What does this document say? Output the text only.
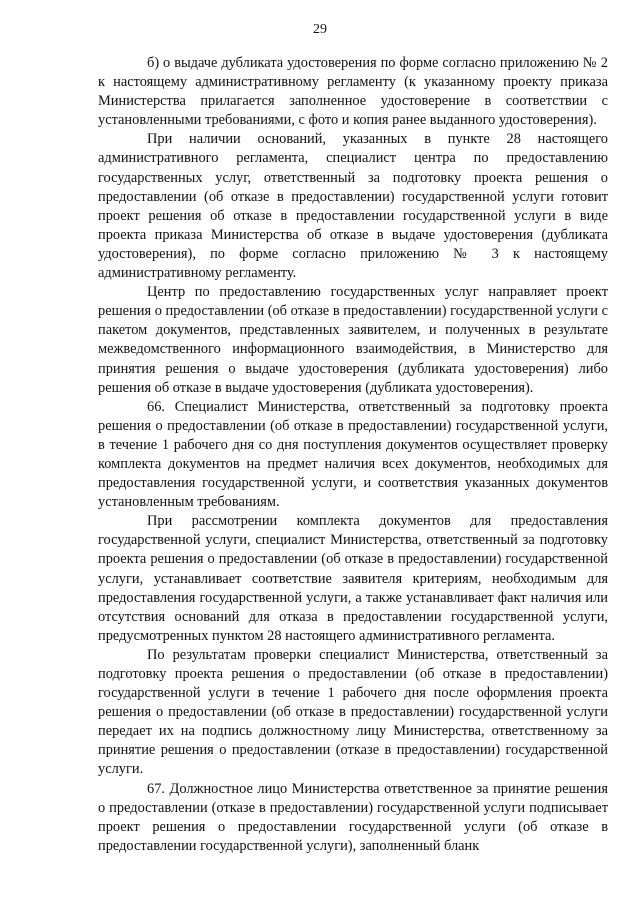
29

б) о выдаче дубликата удостоверения по форме согласно приложению № 2 к настоящему административному регламенту (к указанному проекту приказа Министерства прилагается заполненное удостоверение в соответствии с установленными требованиями, с фото и копия ранее выданного удостоверения).

При наличии оснований, указанных в пункте 28 настоящего административного регламента, специалист центра по предоставлению государственных услуг, ответственный за подготовку проекта решения о предоставлении (об отказе в предоставлении) государственной услуги готовит проект решения об отказе в предоставлении государственной услуги в виде проекта приказа Министерства об отказе в выдаче удостоверения (дубликата удостоверения), по форме согласно приложению № 3 к настоящему административному регламенту.

Центр по предоставлению государственных услуг направляет проект решения о предоставлении (об отказе в предоставлении) государственной услуги с пакетом документов, представленных заявителем, и полученных в результате межведомственного информационного взаимодействия, в Министерство для принятия решения о выдаче удостоверения (дубликата удостоверения) либо решения об отказе в выдаче удостоверения (дубликата удостоверения).

66. Специалист Министерства, ответственный за подготовку проекта решения о предоставлении (об отказе в предоставлении) государственной услуги, в течение 1 рабочего дня со дня поступления документов осуществляет проверку комплекта документов на предмет наличия всех документов, необходимых для предоставления государственной услуги, и соответствия указанных документов установленным требованиям.

При рассмотрении комплекта документов для предоставления государственной услуги, специалист Министерства, ответственный за подготовку проекта решения о предоставлении (об отказе в предоставлении) государственной услуги, устанавливает соответствие заявителя критериям, необходимым для предоставления государственной услуги, а также устанавливает факт наличия или отсутствия оснований для отказа в предоставлении государственной услуги, предусмотренных пунктом 28 настоящего административного регламента.

По результатам проверки специалист Министерства, ответственный за подготовку проекта решения о предоставлении (об отказе в предоставлении) государственной услуги в течение 1 рабочего дня после оформления проекта решения о предоставлении (об отказе в предоставлении) государственной услуги передает их на подпись должностному лицу Министерства, ответственному за принятие решения о предоставлении (отказе в предоставлении) государственной услуги.

67. Должностное лицо Министерства ответственное за принятие решения о предоставлении (отказе в предоставлении) государственной услуги подписывает проект решения о предоставлении государственной услуги (об отказе в предоставлении государственной услуги), заполненный бланк
